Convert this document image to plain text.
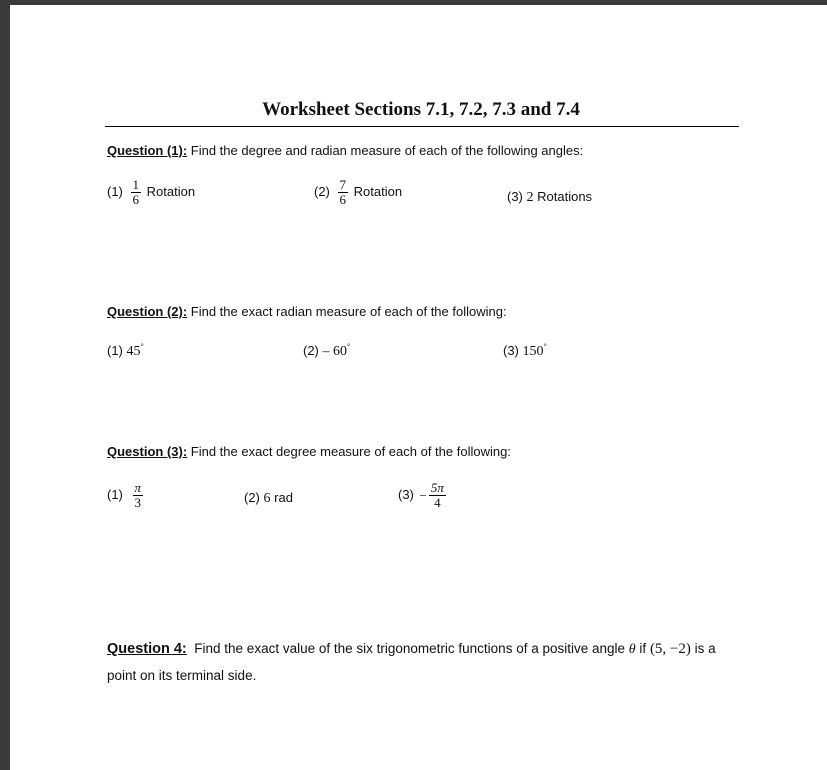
Worksheet Sections 7.1, 7.2, 7.3 and 7.4
Question (1): Find the degree and radian measure of each of the following angles:
$(1) \frac{1}{6}$ Rotation	$(2) \frac{7}{6}$ Rotation	(3) 2 Rotations
Question (2): Find the exact radian measure of each of the following:
(1) 45°	(2) – 60°	(3) 150°
Question (3): Find the exact degree measure of each of the following:
$(1) \frac{\pi}{3}$	(2) 6 rad	$(3) - \frac{5\pi}{4}$
Question 4: Find the exact value of the six trigonometric functions of a positive angle θ if (5, −2) is a
point on its terminal side.
